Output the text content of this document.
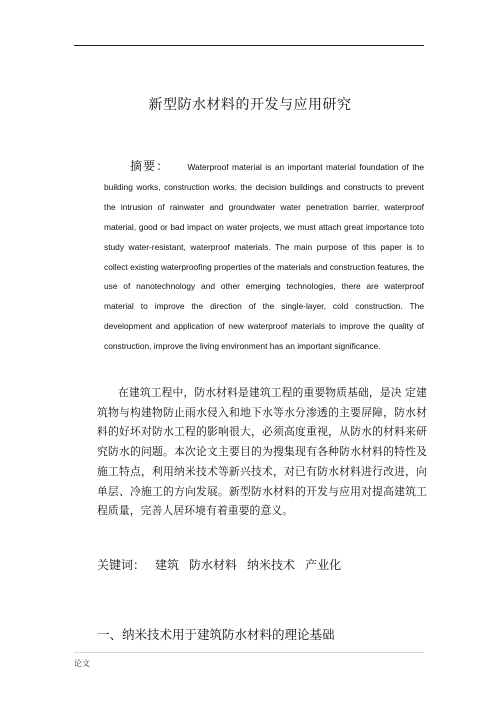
新型防水材料的开发与应用研究
摘要： Waterproof material is an important material foundation of the building works, construction works, the decision buildings and constructs to prevent the intrusion of rainwater and groundwater water penetration barrier, waterproof material, good or bad impact on water projects, we must attach great importance toto study water-resistant, waterproof materials. The main purpose of this paper is to collect existing waterproofing properties of the materials and construction features, the use of nanotechnology and other emerging technologies, there are waterproof material to improve the direction of the single-layer, cold construction. The development and application of new waterproof materials to improve the quality of construction, improve the living environment has an important significance.
在建筑工程中，防水材料是建筑工程的重要物质基础，是决 定建筑物与构建物防止雨水侵入和地下水等水分渗透的主要屏障，防水材料的好坏对防水工程的影响很大，必须高度重视，从防水的材料来研究防水的问题。本次论文主要目的为搜集现有各种防水材料的特性及施工特点，利用纳米技术等新兴技术，对已有防水材料进行改进，向单层、冷施工的方向发展。新型防水材料的开发与应用对提高建筑工程质量，完善人居环境有着重要的意义。
关键词： 建筑 防水材料 纳米技术 产业化
一、纳米技术用于建筑防水材料的理论基础
论文
